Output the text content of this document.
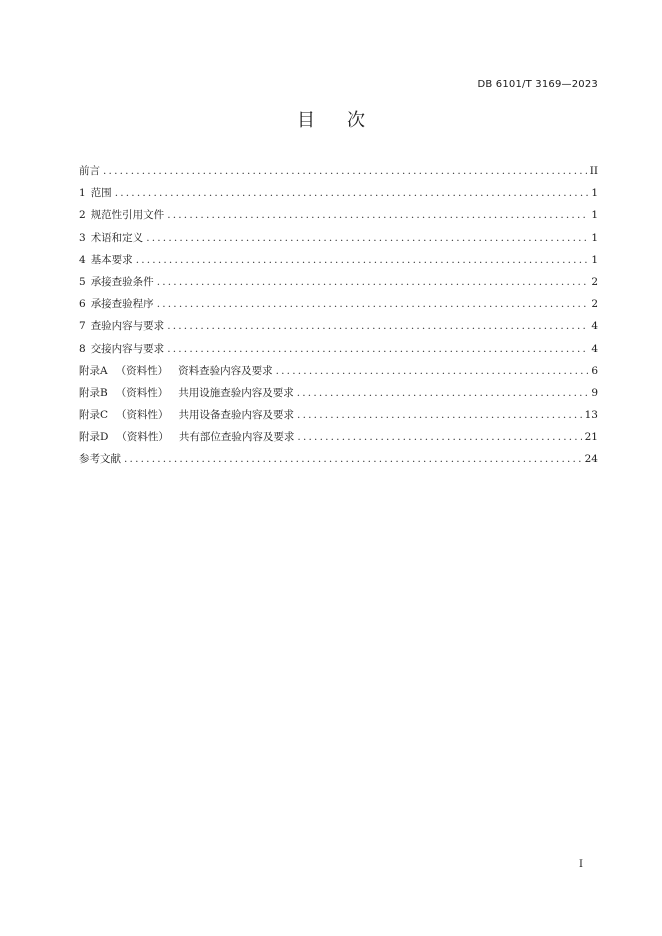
DB 6101/T 3169—2023
目 次
前言 .....	II
1 范围 .....	1
2 规范性引用文件 .....	1
3 术语和定义 .....	1
4 基本要求 .....	1
5 承接查验条件 .....	2
6 承接查验程序 .....	2
7 查验内容与要求 .....	4
8 交接内容与要求 .....	4
附录A （资料性） 资料查验内容及要求 .....	6
附录B （资料性） 共用设施查验内容及要求 .....	9
附录C （资料性） 共用设备查验内容及要求 .....	13
附录D （资料性） 共有部位查验内容及要求 .....	21
参考文献 .....	24
I
